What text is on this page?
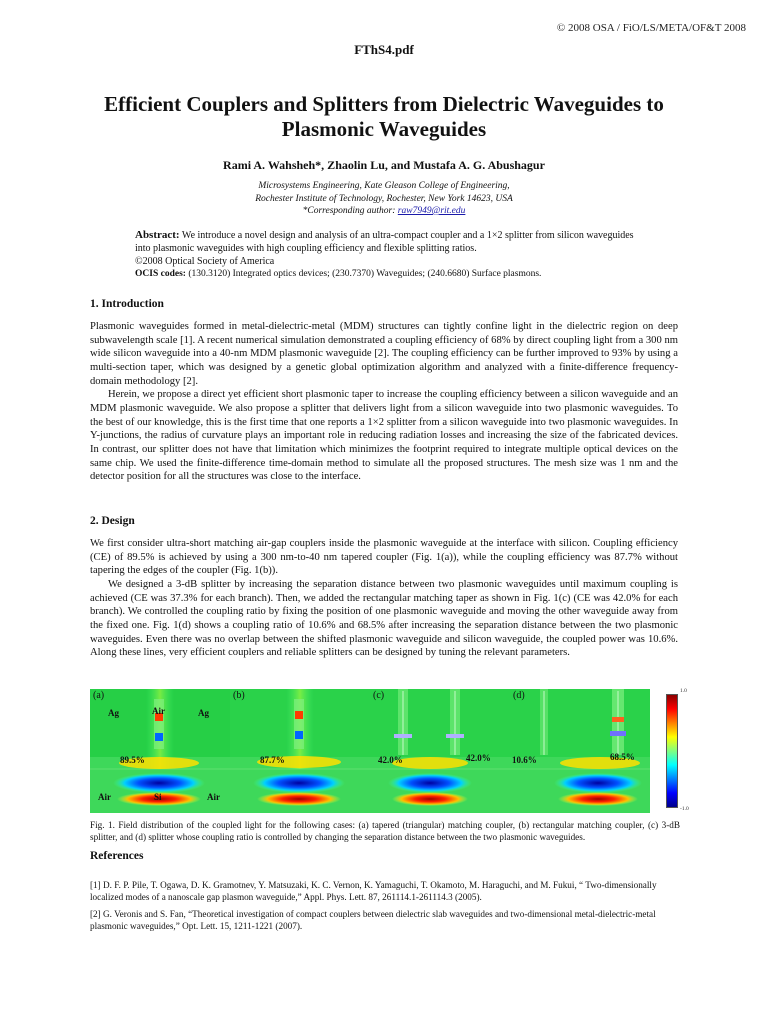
© 2008 OSA / FiO/LS/META/OF&T 2008
FThS4.pdf
Efficient Couplers and Splitters from Dielectric Waveguides to Plasmonic Waveguides
Rami A. Wahsheh*, Zhaolin Lu, and Mustafa A. G. Abushagur
Microsystems Engineering, Kate Gleason College of Engineering,
Rochester Institute of Technology, Rochester, New York 14623, USA
*Corresponding author: raw7949@rit.edu
Abstract: We introduce a novel design and analysis of an ultra-compact coupler and a 1×2 splitter from silicon waveguides into plasmonic waveguides with high coupling efficiency and flexible splitting ratios.
©2008 Optical Society of America
OCIS codes: (130.3120) Integrated optics devices; (230.7370) Waveguides; (240.6680) Surface plasmons.
1. Introduction

Plasmonic waveguides formed in metal-dielectric-metal (MDM) structures can tightly confine light in the dielectric region on deep subwavelength scale [1]. A recent numerical simulation demonstrated a coupling efficiency of 68% by direct coupling light from a 300 nm wide silicon waveguide into a 40-nm MDM plasmonic waveguide [2]. The coupling efficiency can be further improved to 93% by using a multi-section taper, which was designed by a genetic global optimization algorithm and analyzed with a finite-difference frequency-domain methodology [2].

Herein, we propose a direct yet efficient short plasmonic taper to increase the coupling efficiency between a silicon waveguide and an MDM plasmonic waveguide. We also propose a splitter that delivers light from a silicon waveguide into two plasmonic waveguides. To the best of our knowledge, this is the first time that one reports a 1×2 splitter from a silicon waveguide into two plasmonic waveguides. In Y-junctions, the radius of curvature plays an important role in reducing radiation losses and increasing the size of the fabricated devices. In contrast, our splitter does not have that limitation which minimizes the footprint required to integrate multiple optical devices on the same chip. We used the finite-difference time-domain method to simulate all the proposed structures. The mesh size was 1 nm and the detector position for all the structures was close to the interface.

2. Design

We first consider ultra-short matching air-gap couplers inside the plasmonic waveguide at the interface with silicon. Coupling efficiency (CE) of 89.5% is achieved by using a 300 nm-to-40 nm tapered coupler (Fig. 1(a)), while the coupling efficiency was 87.7% without tapering the edges of the coupler (Fig. 1(b)).

We designed a 3-dB splitter by increasing the separation distance between two plasmonic waveguides until maximum coupling is achieved (CE was 37.3% for each branch). Then, we added the rectangular matching taper as shown in Fig. 1(c) (CE was 42.0% for each branch). We controlled the coupling ratio by fixing the position of one plasmonic waveguide and moving the other waveguide away from the fixed one. Fig. 1(d) shows a coupling ratio of 10.6% and 68.5% after increasing the separation distance between the two plasmonic waveguides. Even there was no overlap between the shifted plasmonic waveguide and silicon waveguide, the coupled power was 10.6%. Along these lines, very efficient couplers and reliable splitters can be designed by tuning the relevant parameters.

(a)
Ag	Air	Ag
89.5%
Air	Si	Air
(b)
87.7%
(c)
42.0%	42.0%
(d)
10.6%	68.5%
1.0
-1.0
Fig. 1. Field distribution of the coupled light for the following cases: (a) tapered (triangular) matching coupler, (b) rectangular matching coupler, (c) 3-dB splitter, and (d) splitter whose coupling ratio is controlled by changing the separation distance between the two plasmonic waveguides.
References
[1] D. F. P. Pile, T. Ogawa, D. K. Gramotnev, Y. Matsuzaki, K. C. Vernon, K. Yamaguchi, T. Okamoto, M. Haraguchi, and M. Fukui, “ Two-dimensionally localized modes of a nanoscale gap plasmon waveguide,” Appl. Phys. Lett. 87, 261114.1-261114.3 (2005).
[2] G. Veronis and S. Fan, “Theoretical investigation of compact couplers between dielectric slab waveguides and two-dimensional metal-dielectric-metal plasmonic waveguides,” Opt. Lett. 15, 1211-1221 (2007).
